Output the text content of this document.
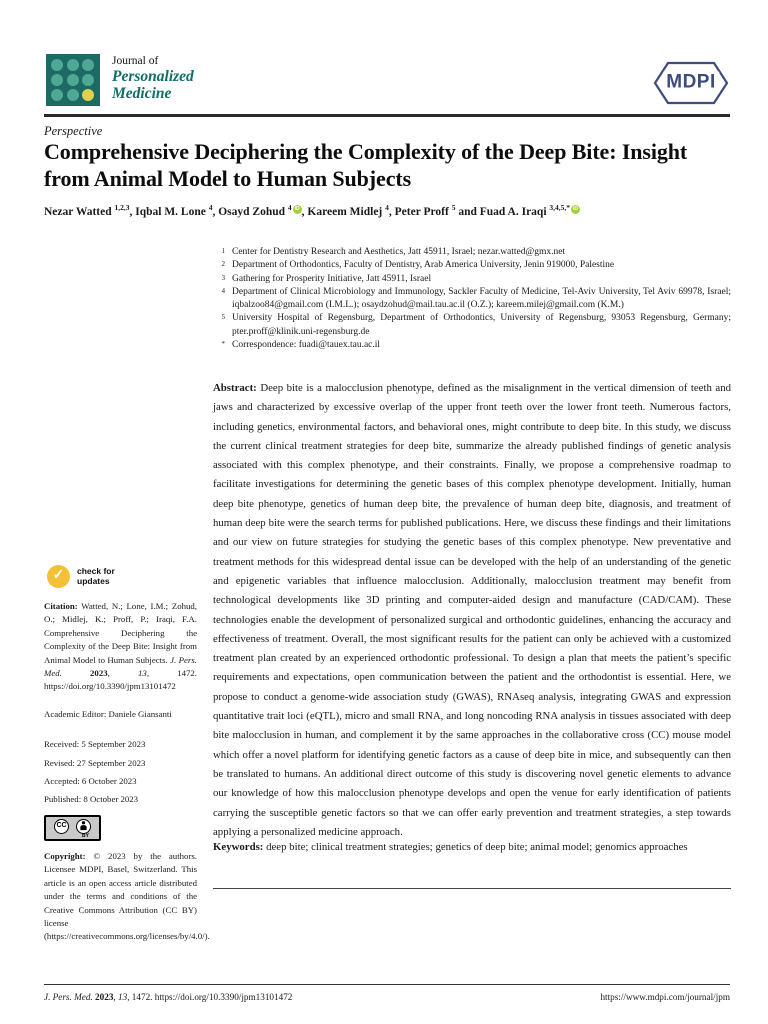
Journal of
Personalized
Medicine
MDPI
Perspective
Comprehensive Deciphering the Complexity of the Deep Bite: Insight from Animal Model to Human Subjects
Nezar Watted $^{1,2,3}$, Iqbal M. Lone $^4$, Osayd Zohud $^4$ iD , Kareem Midlej $^4$, Peter Proff $^5$ and Fuad A. Iraqi $^{3,4,5,*}$ iD
1 Center for Dentistry Research and Aesthetics, Jatt 45911, Israel; nezar.watted@gmx.net
2 Department of Orthodontics, Faculty of Dentistry, Arab America University, Jenin 919000, Palestine
3 Gathering for Prosperity Initiative, Jatt 45911, Israel
4 Department of Clinical Microbiology and Immunology, Sackler Faculty of Medicine, Tel-Aviv University, Tel Aviv 69978, Israel; iqbalzoo84@gmail.com (I.M.L.); osaydzohud@mail.tau.ac.il (O.Z.); kareem.milej@gmail.com (K.M.)
5 University Hospital of Regensburg, Department of Orthodontics, University of Regensburg, 93053 Regensburg, Germany; pter.proff@klinik.uni-regensburg.de
* Correspondence: fuadi@tauex.tau.ac.il

Abstract: Deep bite is a malocclusion phenotype, defined as the misalignment in the vertical dimension of teeth and jaws and characterized by excessive overlap of the upper front teeth over the lower front teeth. Numerous factors, including genetics, environmental factors, and behavioral ones, might contribute to deep bite. In this study, we discuss the current clinical treatment strategies for deep bite, summarize the already published findings of genetic analysis associated with this complex phenotype, and their constraints. Finally, we propose a comprehensive roadmap to facilitate investigations for determining the genetic bases of this complex phenotype development. Initially, human deep bite phenotype, genetics of human deep bite, the prevalence of human deep bite, diagnosis, and treatment of human deep bite were the search terms for published publications. Here, we discuss these findings and their limitations and our view on future strategies for studying the genetic bases of this complex phenotype. New preventative and treatment methods for this widespread dental issue can be developed with the help of an understanding of the genetic and epigenetic variables that influence malocclusion. Additionally, malocclusion treatment may benefit from technological developments like 3D printing and computer-aided design and manufacture (CAD/CAM). These technologies enable the development of personalized surgical and orthodontic guidelines, enhancing the accuracy and effectiveness of treatment. Overall, the most significant results for the patient can only be achieved with a customized treatment plan created by an experienced orthodontic professional. To design a plan that meets the patient’s specific requirements and expectations, open communication between the patient and the orthodontist is essential. Here, we propose to conduct a genome-wide association study (GWAS), RNAseq analysis, integrating GWAS and expression quantitative trait loci (eQTL), micro and small RNA, and long noncoding RNA analysis in tissues associated with deep bite malocclusion in human, and complement it by the same approaches in the collaborative cross (CC) mouse model which offer a novel platform for identifying genetic factors as a cause of deep bite in mice, and subsequently can then be translated to humans. An additional direct outcome of this study is discovering novel genetic elements to advance our knowledge of how this malocclusion phenotype develops and open the venue for early identification of patients carrying the susceptible genetic factors so that we can offer early prevention and treatment strategies, a step towards applying a personalized medicine approach.

Keywords: deep bite; clinical treatment strategies; genetics of deep bite; animal model; genomics approaches

✓	check for
updates
Citation: Watted, N.; Lone, I.M.; Zohud, O.; Midlej, K.; Proff, P.; Iraqi, F.A. Comprehensive Deciphering the Complexity of the Deep Bite: Insight from Animal Model to Human Subjects. J. Pers. Med. 2023, 13, 1472. https://doi.org/10.3390/jpm13101472
Academic Editor: Daniele Giansanti
Received: 5 September 2023
Revised: 27 September 2023
Accepted: 6 October 2023
Published: 8 October 2023
CC
BY
Copyright: © 2023 by the authors. Licensee MDPI, Basel, Switzerland. This article is an open access article distributed under the terms and conditions of the Creative Commons Attribution (CC BY) license (https://creativecommons.org/licenses/by/4.0/).
J. Pers. Med. 2023, 13, 1472. https://doi.org/10.3390/jpm13101472	https://www.mdpi.com/journal/jpm
